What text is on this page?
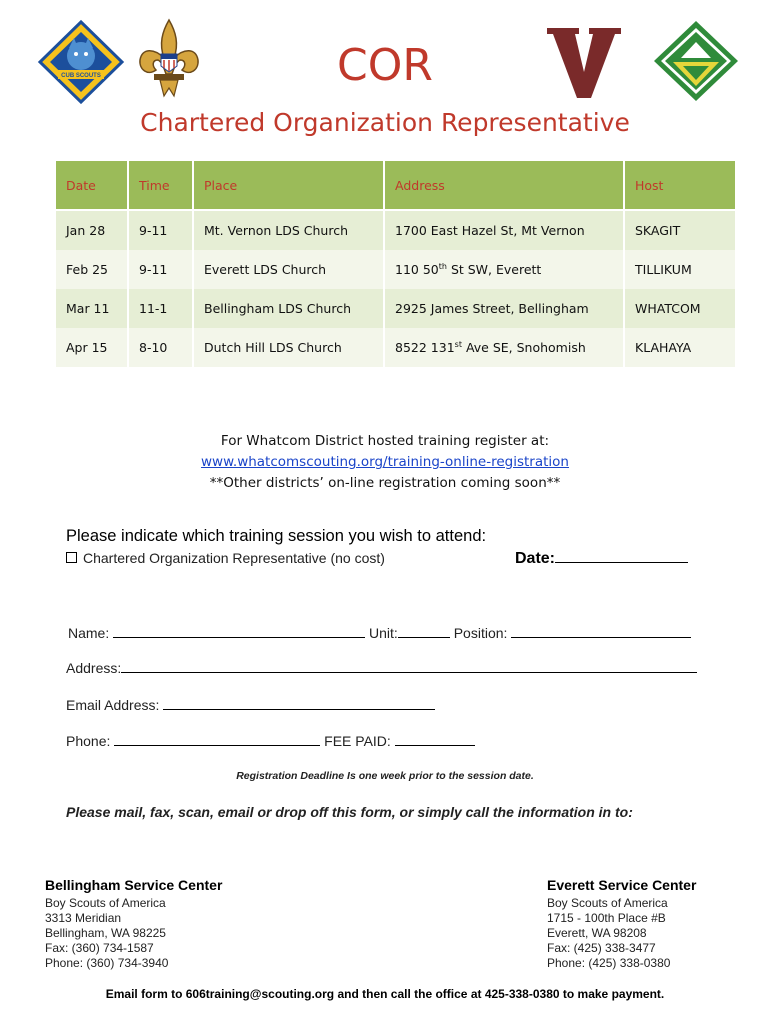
CUB SCOUTS	COR
Chartered Organization Representative
Date	Time	Place	Address	Host
Jan 28	9-11	Mt. Vernon LDS Church	1700 East Hazel St, Mt Vernon	SKAGIT
Feb 25	9-11	Everett LDS Church	110 50th St SW, Everett	TILLIKUM
Mar 11	11-1	Bellingham LDS Church	2925 James Street, Bellingham	WHATCOM
Apr 15	8-10	Dutch Hill LDS Church	8522 131st Ave SE, Snohomish	KLAHAYA
For Whatcom District hosted training register at:
www.whatcomscouting.org/training-online-registration
**Other districts’ on-line registration coming soon**
Please indicate which training session you wish to attend:
Chartered Organization Representative (no cost)	Date:
Name:	Unit:	Position:
Address:
Email Address:
Phone:	FEE PAID:
Registration Deadline Is one week prior to the session date.
Please mail, fax, scan, email or drop off this form, or simply call the information in to:
Bellingham Service Center
Boy Scouts of America
3313 Meridian
Bellingham, WA 98225
Fax: (360) 734-1587
Phone: (360) 734-3940
Everett Service Center
Boy Scouts of America
1715 - 100th Place #B
Everett, WA 98208
Fax: (425) 338-3477
Phone: (425) 338-0380
Email form to 606training@scouting.org and then call the office at 425-338-0380 to make payment.
